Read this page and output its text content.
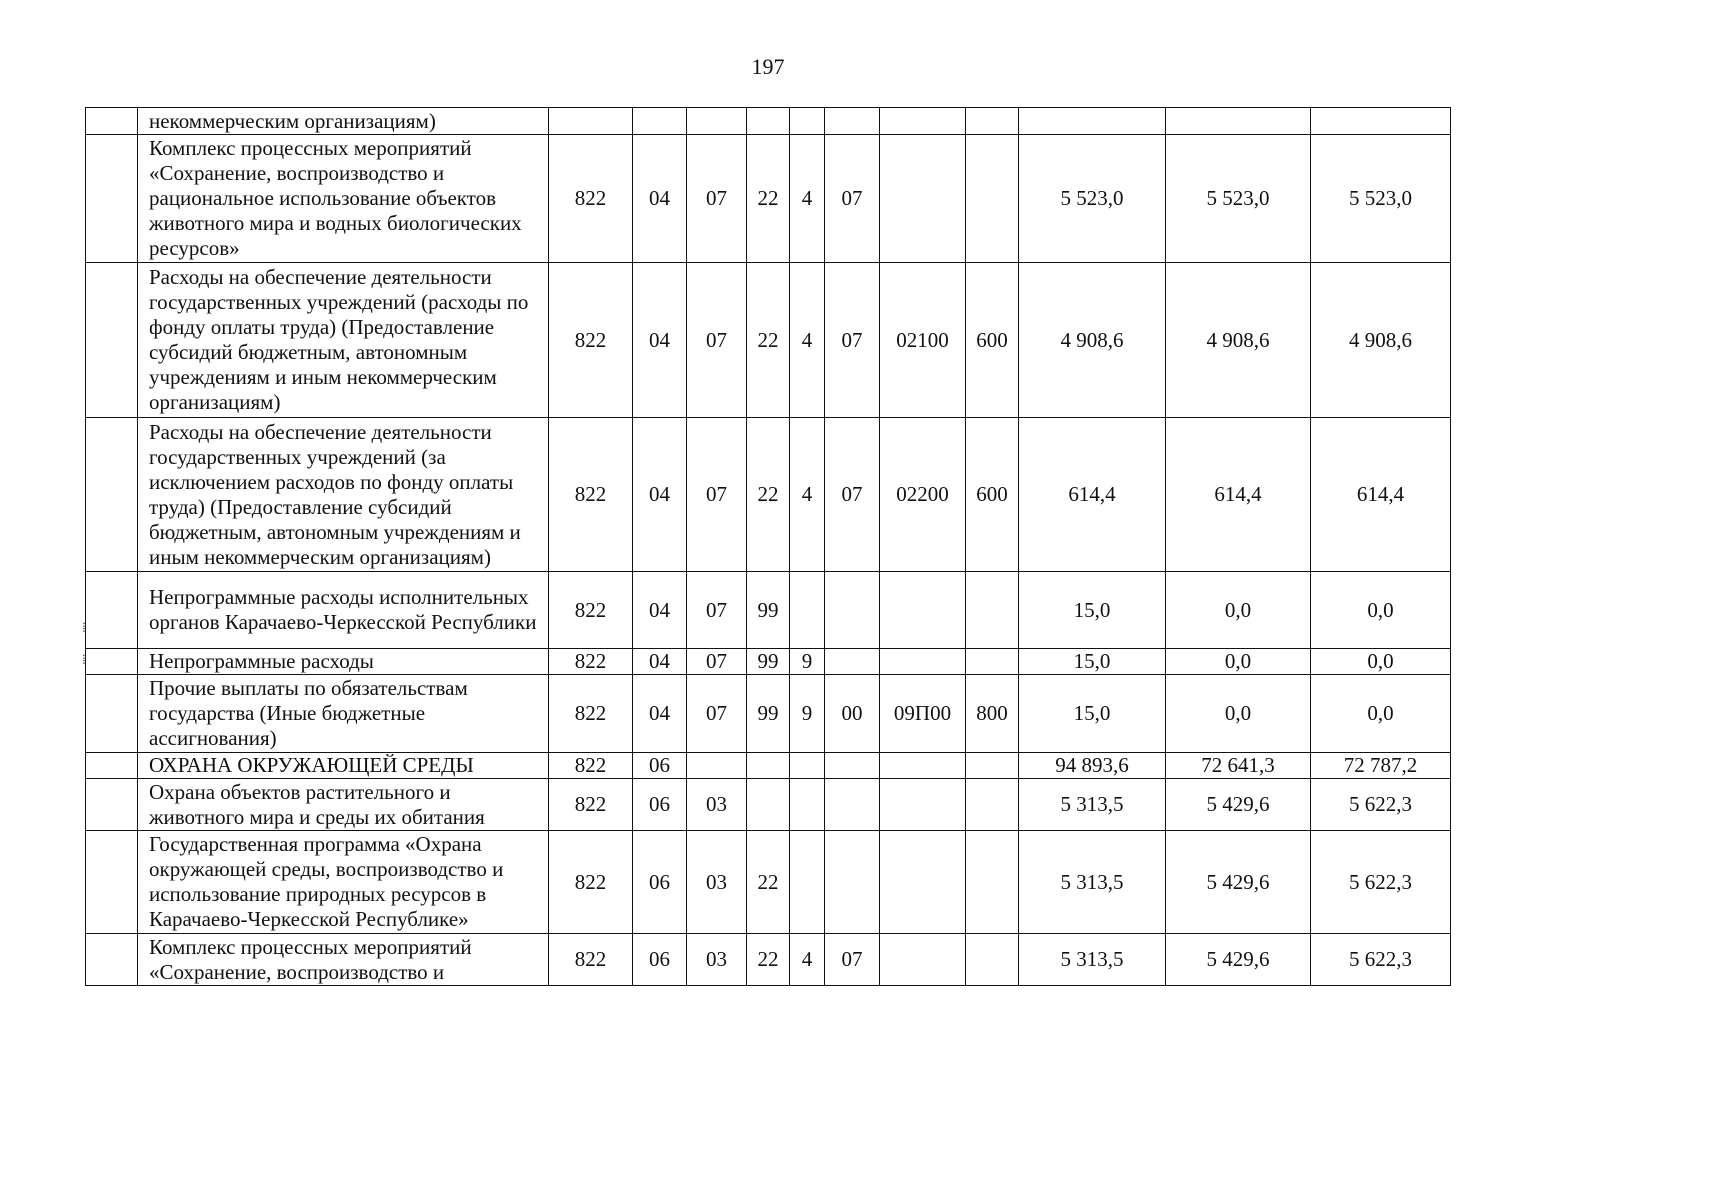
197
	некоммерческим организациям)											
	Комплекс процессных мероприятий «Сохранение, воспроизводство и рациональное использование объектов животного мира и водных биологических ресурсов»	822	04	07	22	4	07			5 523,0	5 523,0	5 523,0
	Расходы на обеспечение деятельности государственных учреждений (расходы по фонду оплаты труда) (Предоставление субсидий бюджетным, автономным учреждениям и иным некоммерческим организациям)	822	04	07	22	4	07	02100	600	4 908,6	4 908,6	4 908,6
	Расходы на обеспечение деятельности государственных учреждений (за исключением расходов по фонду оплаты труда) (Предоставление субсидий бюджетным, автономным учреждениям и иным некоммерческим организациям)	822	04	07	22	4	07	02200	600	614,4	614,4	614,4
	Непрограммные расходы исполнительных органов Карачаево-Черкесской Республики	822	04	07	99					15,0	0,0	0,0
	Непрограммные расходы	822	04	07	99	9				15,0	0,0	0,0
	Прочие выплаты по обязательствам государства (Иные бюджетные ассигнования)	822	04	07	99	9	00	09П00	800	15,0	0,0	0,0
	ОХРАНА ОКРУЖАЮЩЕЙ СРЕДЫ	822	06							94 893,6	72 641,3	72 787,2
	Охрана объектов растительного и животного мира и среды их обитания	822	06	03						5 313,5	5 429,6	5 622,3
	Государственная программа «Охрана окружающей среды, воспроизводство и использование природных ресурсов в Карачаево-Черкесской Республике»	822	06	03	22					5 313,5	5 429,6	5 622,3
	Комплекс процессных мероприятий «Сохранение, воспроизводство и	822	06	03	22	4	07			5 313,5	5 429,6	5 622,3
⁞
⁞
